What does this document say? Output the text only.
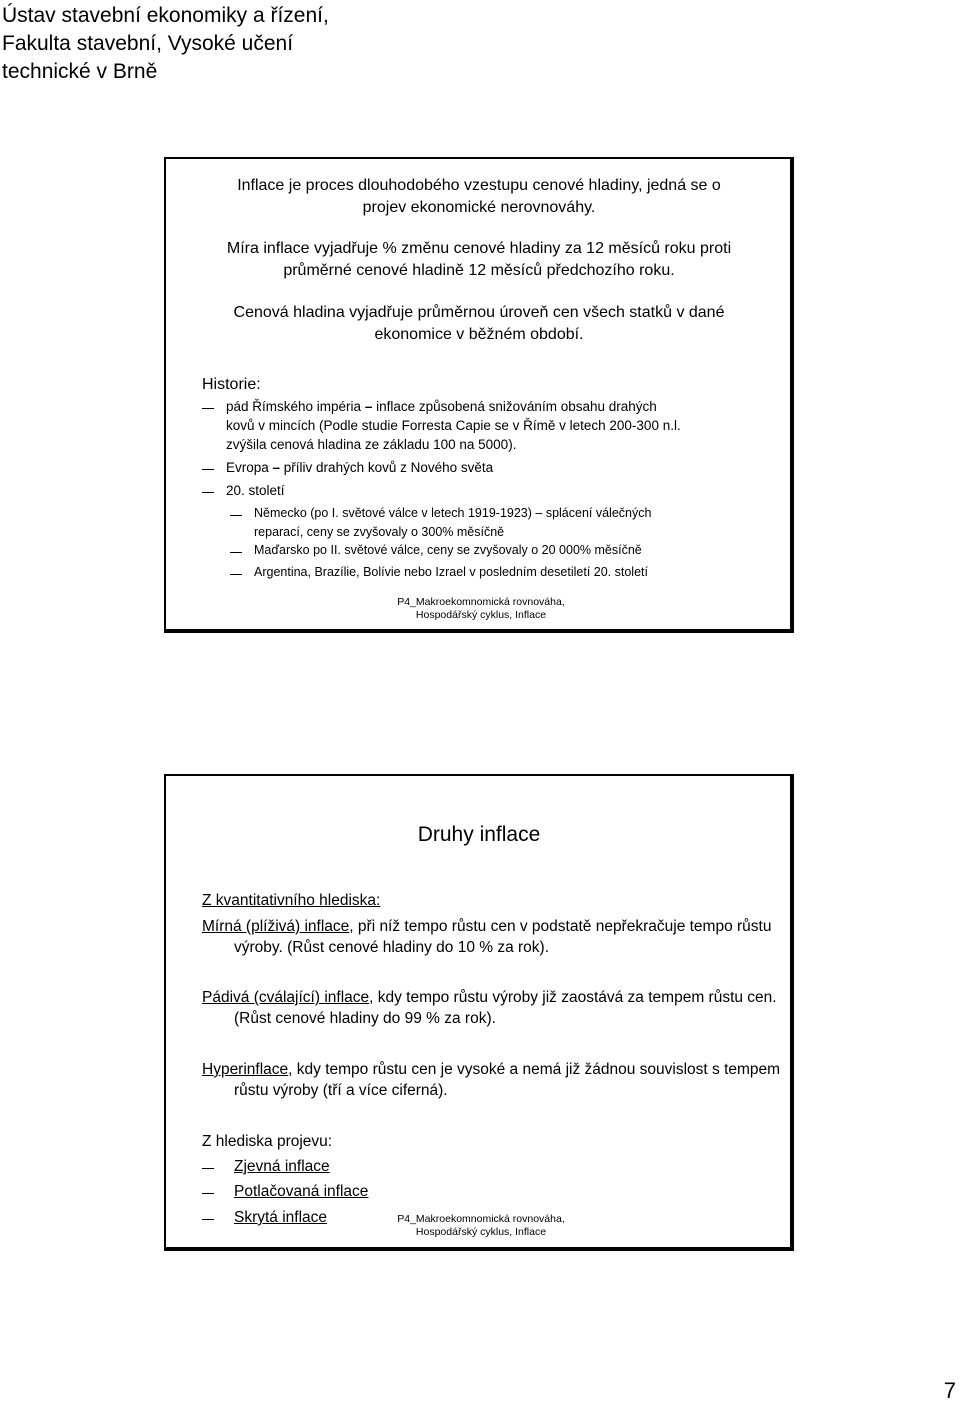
Ústav stavební ekonomiky a řízení,
Fakulta stavební, Vysoké učení
technické v Brně
Inflace je proces dlouhodobého vzestupu cenové hladiny, jedná se o
projev ekonomické nerovnováhy.
Míra inflace vyjadřuje % změnu cenové hladiny za 12 měsíců roku proti
průměrné cenové hladině 12 měsíců předchozího roku.
Cenová hladina vyjadřuje průměrnou úroveň cen všech statků v dané
ekonomice v běžném období.
Historie:
pád Římského impéria – inflace způsobená snižováním obsahu drahých
kovů v mincích (Podle studie Forresta Capie se v Římě v letech 200-300 n.l.
zvýšila cenová hladina ze základu 100 na 5000).
Evropa – příliv drahých kovů z Nového světa
20. století
Německo (po I. světové válce v letech 1919-1923) – splácení válečných
reparací, ceny se zvyšovaly o 300% měsíčně
Maďarsko po II. světové válce, ceny se zvyšovaly o 20 000% měsíčně
Argentina, Brazílie, Bolívie nebo Izrael v posledním desetiletí 20. století
P4_Makroekomnomická rovnováha,
Hospodářský cyklus, Inflace
Druhy inflace
Z kvantitativního hlediska:
Mírná (plíživá) inflace, při níž tempo růstu cen v podstatě nepřekračuje tempo růstu
výroby. (Růst cenové hladiny do 10 % za rok).
Pádivá (cválající) inflace, kdy tempo růstu výroby již zaostává za tempem růstu cen.
(Růst cenové hladiny do 99 % za rok).
Hyperinflace, kdy tempo růstu cen je vysoké a nemá již žádnou souvislost s tempem
růstu výroby (tří a více ciferná).
Z hlediska projevu:
Zjevná inflace
Potlačovaná inflace
Skrytá inflace	P4_Makroekomnomická rovnováha,
Hospodářský cyklus, Inflace
7
